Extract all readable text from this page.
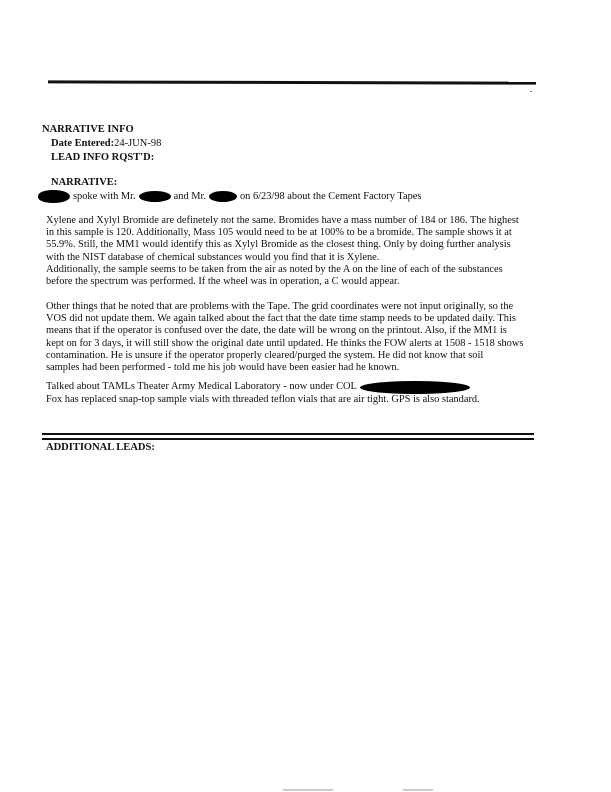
NARRATIVE INFO
Date Entered:24-JUN-98
LEAD INFO RQST'D:
NARRATIVE:
spoke with Mr.	and Mr.	on 6/23/98 about the Cement Factory Tapes
Xylene and Xylyl Bromide are definetely not the same. Bromides have a mass number of 184 or 186. The highest
in this sample is 120. Additionally, Mass 105 would need to be at 100% to be a bromide. The sample shows it at
55.9%. Still, the MM1 would identify this as Xylyl Bromide as the closest thing. Only by doing further analysis
with the NIST database of chemical substances would you find that it is Xylene.
Additionally, the sample seems to be taken from the air as noted by the A on the line of each of the substances
before the spectrum was performed. If the wheel was in operation, a C would appear.
Other things that he noted that are problems with the Tape. The grid coordinates were not input originally, so the
VOS did not update them. We again talked about the fact that the date time stamp needs to be updated daily. This
means that if the operator is confused over the date, the date will be wrong on the printout. Also, if the MM1 is
kept on for 3 days, it will still show the original date until updated. He thinks the FOW alerts at 1508 - 1518 shows
contamination. He is unsure if the operator properly cleared/purged the system. He did not know that soil
samples had been performed - told me his job would have been easier had he known.
Talked about TAMLs Theater Army Medical Laboratory - now under COL
Fox has replaced snap-top sample vials with threaded teflon vials that are air tight. GPS is also standard.
ADDITIONAL LEADS:
